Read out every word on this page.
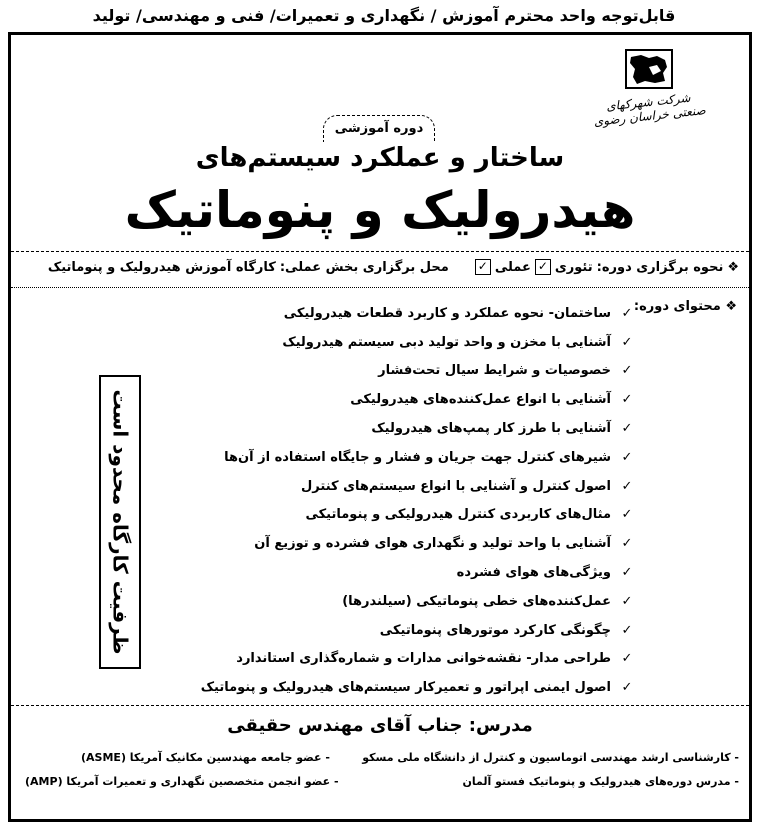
قابل‌توجه واحد محترم آموزش / نگهداری و تعمیرات/ فنی و مهندسی/ تولید
شرکت شهرکهای صنعتی خراسان رضوی
دوره آموزشی
ساختار و عملکرد سیستم‌های
هیدرولیک و پنوماتیک
❖
نحوه برگزاری دوره:
تئوری
✓
عملی
✓
محل برگزاری بخش عملی:
کارگاه آموزش هیدرولیک و پنوماتیک
❖ محتوای دوره:
✓
ساختمان- نحوه عملکرد و کاربرد قطعات هیدرولیکی
✓
آشنایی با مخزن و واحد تولید دبی سیستم هیدرولیک
✓
خصوصیات و شرایط سیال تحت‌فشار
✓
آشنایی با انواع عمل‌کننده‌های هیدرولیکی
✓
آشنایی با طرز کار پمپ‌های هیدرولیک
✓
شیرهای کنترل جهت جریان و فشار و جایگاه استفاده از آن‌ها
✓
اصول کنترل و آشنایی با انواع سیستم‌های کنترل
✓
مثال‌های کاربردی کنترل هیدرولیکی و پنوماتیکی
✓
آشنایی با واحد تولید و نگهداری هوای فشرده و توزیع آن
✓
ویژگی‌های هوای فشرده
✓
عمل‌کننده‌های خطی پنوماتیکی (سیلندرها)
✓
چگونگی کارکرد موتورهای پنوماتیکی
✓
طراحی مدار- نقشه‌خوانی مدارات و شماره‌گذاری استاندارد
✓
اصول ایمنی اپراتور و تعمیرکار سیستم‌های هیدرولیک و پنوماتیک
ظرفیت کارگاه محدود است
مدرس: جناب آقای مهندس حقیقی
- کارشناسی ارشد مهندسی اتوماسیون و کنترل از دانشگاه ملی مسکو
- مدرس دوره‌های هیدرولیک و پنوماتیک فستو آلمان
- عضو جامعه مهندسین مکانیک آمریکا (ASME)
- عضو انجمن متخصصین نگهداری و تعمیرات آمریکا (AMP)
